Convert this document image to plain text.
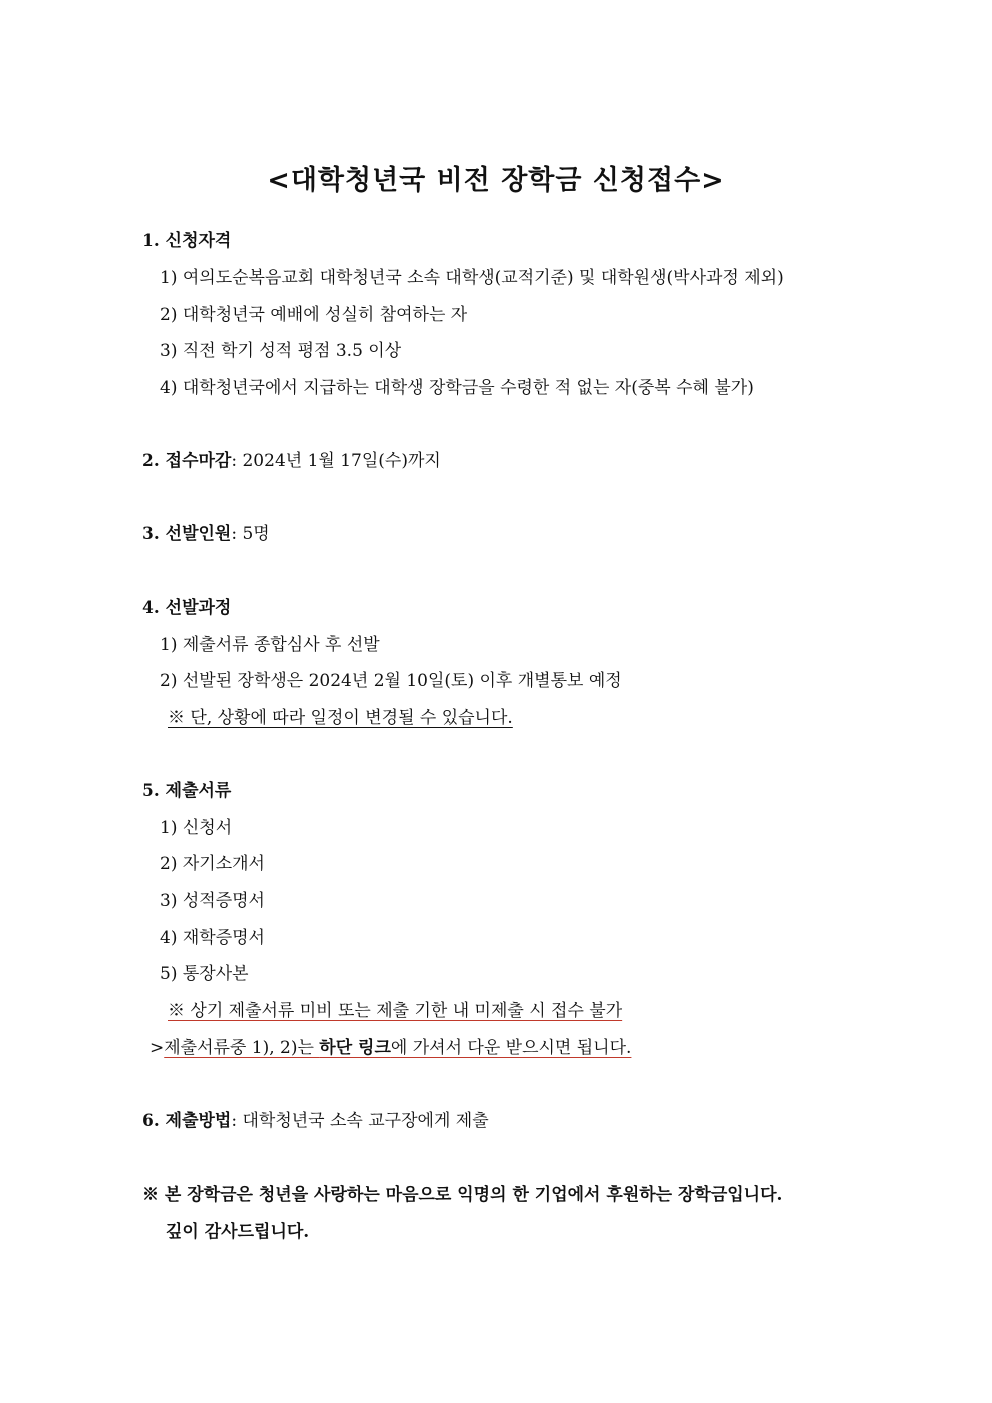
<대학청년국 비전 장학금 신청접수>
1. 신청자격
1) 여의도순복음교회 대학청년국 소속 대학생(교적기준) 및 대학원생(박사과정 제외)
2) 대학청년국 예배에 성실히 참여하는 자
3) 직전 학기 성적 평점 3.5 이상
4) 대학청년국에서 지급하는 대학생 장학금을 수령한 적 없는 자(중복 수혜 불가)
2. 접수마감: 2024년 1월 17일(수)까지
3. 선발인원: 5명
4. 선발과정
1) 제출서류 종합심사 후 선발
2) 선발된 장학생은 2024년 2월 10일(토) 이후 개별통보 예정
※ 단, 상황에 따라 일정이 변경될 수 있습니다.
5. 제출서류
1) 신청서
2) 자기소개서
3) 성적증명서
4) 재학증명서
5) 통장사본
※ 상기 제출서류 미비 또는 제출 기한 내 미제출 시 접수 불가
>제출서류중 1), 2)는 하단 링크에 가셔서 다운 받으시면 됩니다.
6. 제출방법: 대학청년국 소속 교구장에게 제출
※ 본 장학금은 청년을 사랑하는 마음으로 익명의 한 기업에서 후원하는 장학금입니다.
깊이 감사드립니다.
